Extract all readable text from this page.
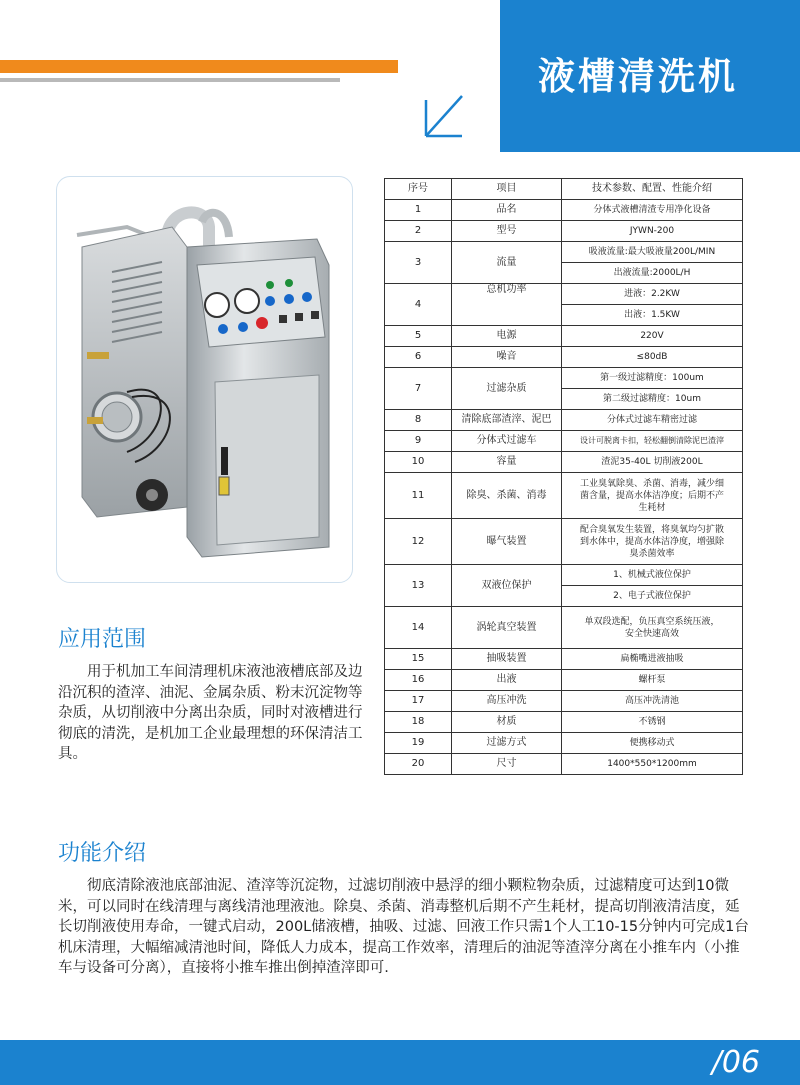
液槽清洗机
序号	项目	技术参数、配置、性能介绍
1	品名	分体式液槽清渣专用净化设备
2	型号	JYWN-200
3	流量	吸液流量:最大吸液量200L/MIN
		出液流量:2000L/H
4	总机功率	进液：2.2KW
		出液：1.5KW
5	电源	220V
6	噪音	≤80dB
7	过滤杂质	第一级过滤精度：100um
		第二级过滤精度：10um
8	清除底部渣滓、泥巴	分体式过滤车精密过滤
9	分体式过滤车	设计可脱离卡扣，轻松翻倒清除泥巴渣滓
10	容量	渣泥35-40L 切削液200L
11	除臭、杀菌、消毒	工业臭氧除臭、杀菌、消毒，减少细菌含量，提高水体洁净度；后期不产生耗材
12	曝气装置	配合臭氧发生装置，将臭氧均匀扩散到水体中，提高水体洁净度，增强除臭杀菌效率
13	双液位保护	1、机械式液位保护
		2、电子式液位保护
14	涡轮真空装置	单双段选配，负压真空系统压液，安全快速高效
15	抽吸装置	扁椭嘴进液抽吸
16	出液	螺杆泵
17	高压冲洗	高压冲洗清池
18	材质	不锈钢
19	过滤方式	便携移动式
20	尺寸	1400*550*1200mm
应用范围
用于机加工车间清理机床液池液槽底部及边沿沉积的渣滓、油泥、金属杂质、粉末沉淀物等杂质，从切削液中分离出杂质，同时对液槽进行彻底的清洗，是机加工企业最理想的环保清洁工具。
功能介绍
彻底清除液池底部油泥、渣滓等沉淀物，过滤切削液中悬浮的细小颗粒物杂质，过滤精度可达到10微米，可以同时在线清理与离线清池理液池。除臭、杀菌、消毒整机后期不产生耗材，提高切削液清洁度，延长切削液使用寿命，一键式启动，200L储液槽，抽吸、过滤、回液工作只需1个人工10-15分钟内可完成1台机床清理，大幅缩减清池时间，降低人力成本，提高工作效率，清理后的油泥等渣滓分离在小推车内（小推车与设备可分离），直接将小推车推出倒掉渣滓即可.
/06
